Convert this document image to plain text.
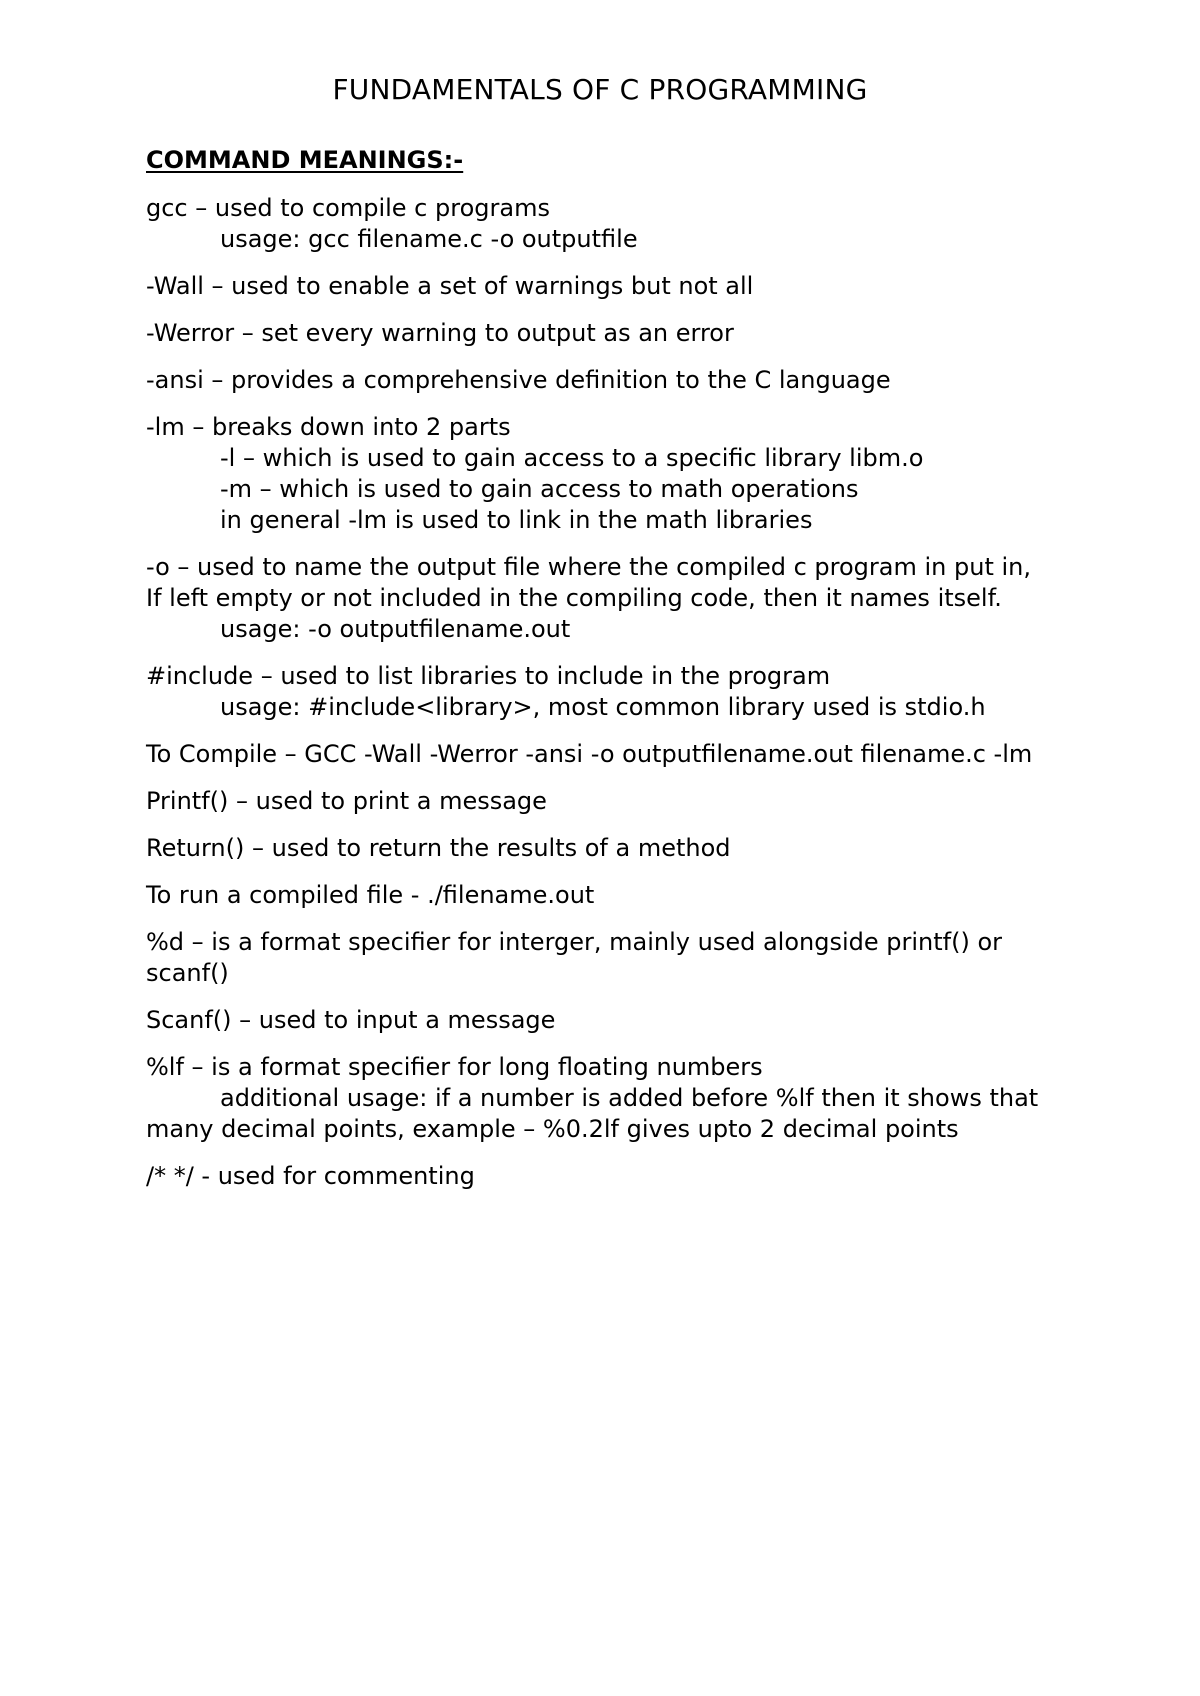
FUNDAMENTALS OF C PROGRAMMING
COMMAND MEANINGS:-
gcc – used to compile c programs
usage: gcc filename.c -o outputfile
-Wall – used to enable a set of warnings but not all
-Werror – set every warning to output as an error
-ansi – provides a comprehensive definition to the C language
-lm – breaks down into 2 parts
-l – which is used to gain access to a specific library libm.o
-m – which is used to gain access to math operations
in general -lm is used to link in the math libraries
-o – used to name the output file where the compiled c program in put in,
If left empty or not included in the compiling code, then it names itself.
usage: -o outputfilename.out
#include – used to list libraries to include in the program
usage: #include<library>, most common library used is stdio.h
To Compile – GCC -Wall -Werror -ansi -o outputfilename.out filename.c -lm
Printf() – used to print a message
Return() – used to return the results of a method
To run a compiled file - ./filename.out
%d – is a format specifier for interger, mainly used alongside printf() or
scanf()
Scanf() – used to input a message
%lf – is a format specifier for long floating numbers
additional usage: if a number is added before %lf then it shows that
many decimal points, example – %0.2lf gives upto 2 decimal points
/* */ - used for commenting
